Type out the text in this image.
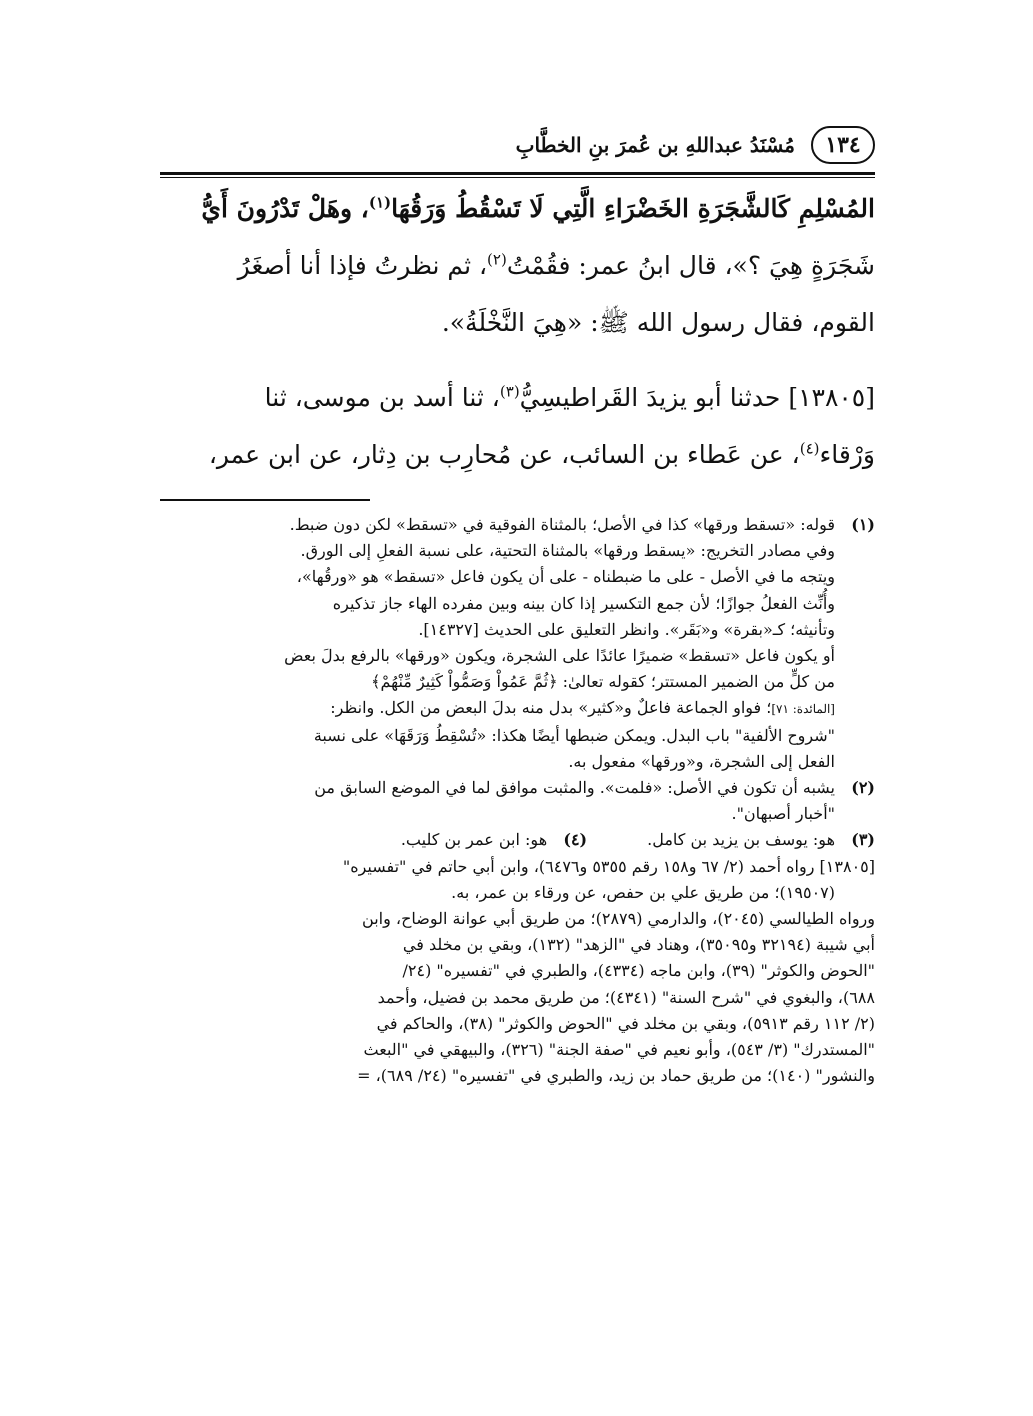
١٣٤
مُسْنَدُ عبداللهِ بن عُمرَ بنِ الخطَّابِ

المُسْلِمِ كَالشَّجَرَةِ الخَضْرَاءِ الَّتِي لَا تَسْقُطُ وَرَقُهَا$^{(١)}$، وهَلْ تَدْرُونَ أَيُّ

شَجَرَةٍ هِيَ ؟»، قال ابنُ عمر: فقُمْتُ$^{(٢)}$، ثم نظرتُ فإذا أنا أصغَرُ

القوم، فقال رسول الله ﷺ: «هِيَ النَّخْلَةُ».

[١٣٨٠٥] حدثنا أبو يزيدَ القَراطيسِيُّ$^{(٣)}$، ثنا أسد بن موسى، ثنا

وَرْقاء$^{(٤)}$، عن عَطاء بن السائب، عن مُحارِب بن دِثار، عن ابن عمر،

(١)

قوله: «تسقط ورقها» كذا في الأصل؛ بالمثناة الفوقية في «تسقط» لكن دون ضبط.

وفي مصادر التخريج: «يسقط ورقها» بالمثناة التحتية، على نسبة الفعلِ إلى الورق.

ويتجه ما في الأصل - على ما ضبطناه - على أن يكون فاعل «تسقط» هو «ورقُها»،

وأُنِّث الفعلُ جوازًا؛ لأن جمع التكسير إذا كان بينه وبين مفرده الهاء جاز تذكيره

وتأنيثه؛ كـ«بقرة» و«بَقَر». وانظر التعليق على الحديث [١٤٣٢٧].

أو يكون فاعل «تسقط» ضميرًا عائدًا على الشجرة، ويكون «ورقها» بالرفع بدلَ بعض

من كلٍّ من الضمير المستتر؛ كقوله تعالىٰ: ﴿ثُمَّ عَمُواْ وَصَمُّواْ كَثِيرٌ مِّنْهُمْ﴾

[المائدة: ٧١]؛ فواو الجماعة فاعلٌ و«كثير» بدل منه بدلَ البعض من الكل. وانظر:

"شروح الألفية" باب البدل. ويمكن ضبطها أيضًا هكذا: «تُسْقِطُ وَرَقَهَا» على نسبة

الفعل إلى الشجرة، و«ورقها» مفعول به.

(٢)

يشبه أن تكون في الأصل: «فلمت». والمثبت موافق لما في الموضع السابق من

"أخبار أصبهان".

(٣)
هو: يوسف بن يزيد بن كامل.
(٤)
هو: ابن عمر بن كليب.

[١٣٨٠٥] رواه أحمد (٢/ ٦٧ و١٥٨ رقم ٥٣٥٥ و٦٤٧٦)، وابن أبي حاتم في "تفسيره"

(١٩٥٠٧)؛ من طريق علي بن حفص، عن ورقاء بن عمر، به.

ورواه الطيالسي (٢٠٤٥)، والدارمي (٢٨٧٩)؛ من طريق أبي عوانة الوضاح، وابن

أبي شيبة (٣٢١٩٤ و٣٥٠٩٥)، وهناد في "الزهد" (١٣٢)، وبقي بن مخلد في

"الحوض والكوثر" (٣٩)، وابن ماجه (٤٣٣٤)، والطبري في "تفسيره" (٢٤/

٦٨٨)، والبغوي في "شرح السنة" (٤٣٤١)؛ من طريق محمد بن فضيل، وأحمد

(٢/ ١١٢ رقم ٥٩١٣)، وبقي بن مخلد في "الحوض والكوثر" (٣٨)، والحاكم في

"المستدرك" (٣/ ٥٤٣)، وأبو نعيم في "صفة الجنة" (٣٢٦)، والبيهقي في "البعث

والنشور" (١٤٠)؛ من طريق حماد بن زيد، والطبري في "تفسيره" (٢٤/ ٦٨٩)، =
